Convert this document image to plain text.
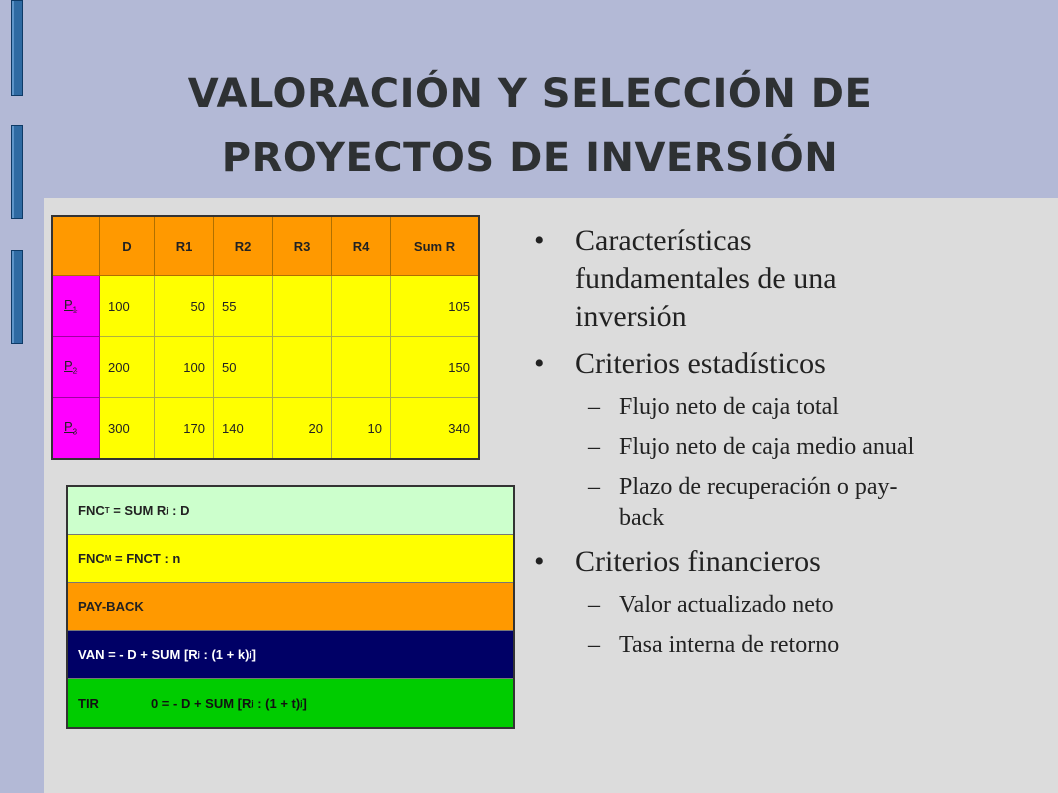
VALORACIÓN Y SELECCIÓN DE
PROYECTOS DE INVERSIÓN
	D	R1	R2	R3	R4	Sum R
$P_1$	100	50	55			105
$P_2$	200	100	50			150
$P_3$	300	170	140	20	10	340
FNC T = SUM R j : D
FNC M = FNCT : n
PAY-BACK
VAN = - D + SUM [R j : (1 + k) j ]
TIR	0 = - D + SUM [R j : (1 + t) j ]
• Características fundamentales de una inversión
• Criterios estadísticos
– Flujo neto de caja total
– Flujo neto de caja medio anual
– Plazo de recuperación o pay-back
• Criterios financieros
– Valor actualizado neto
– Tasa interna de retorno
